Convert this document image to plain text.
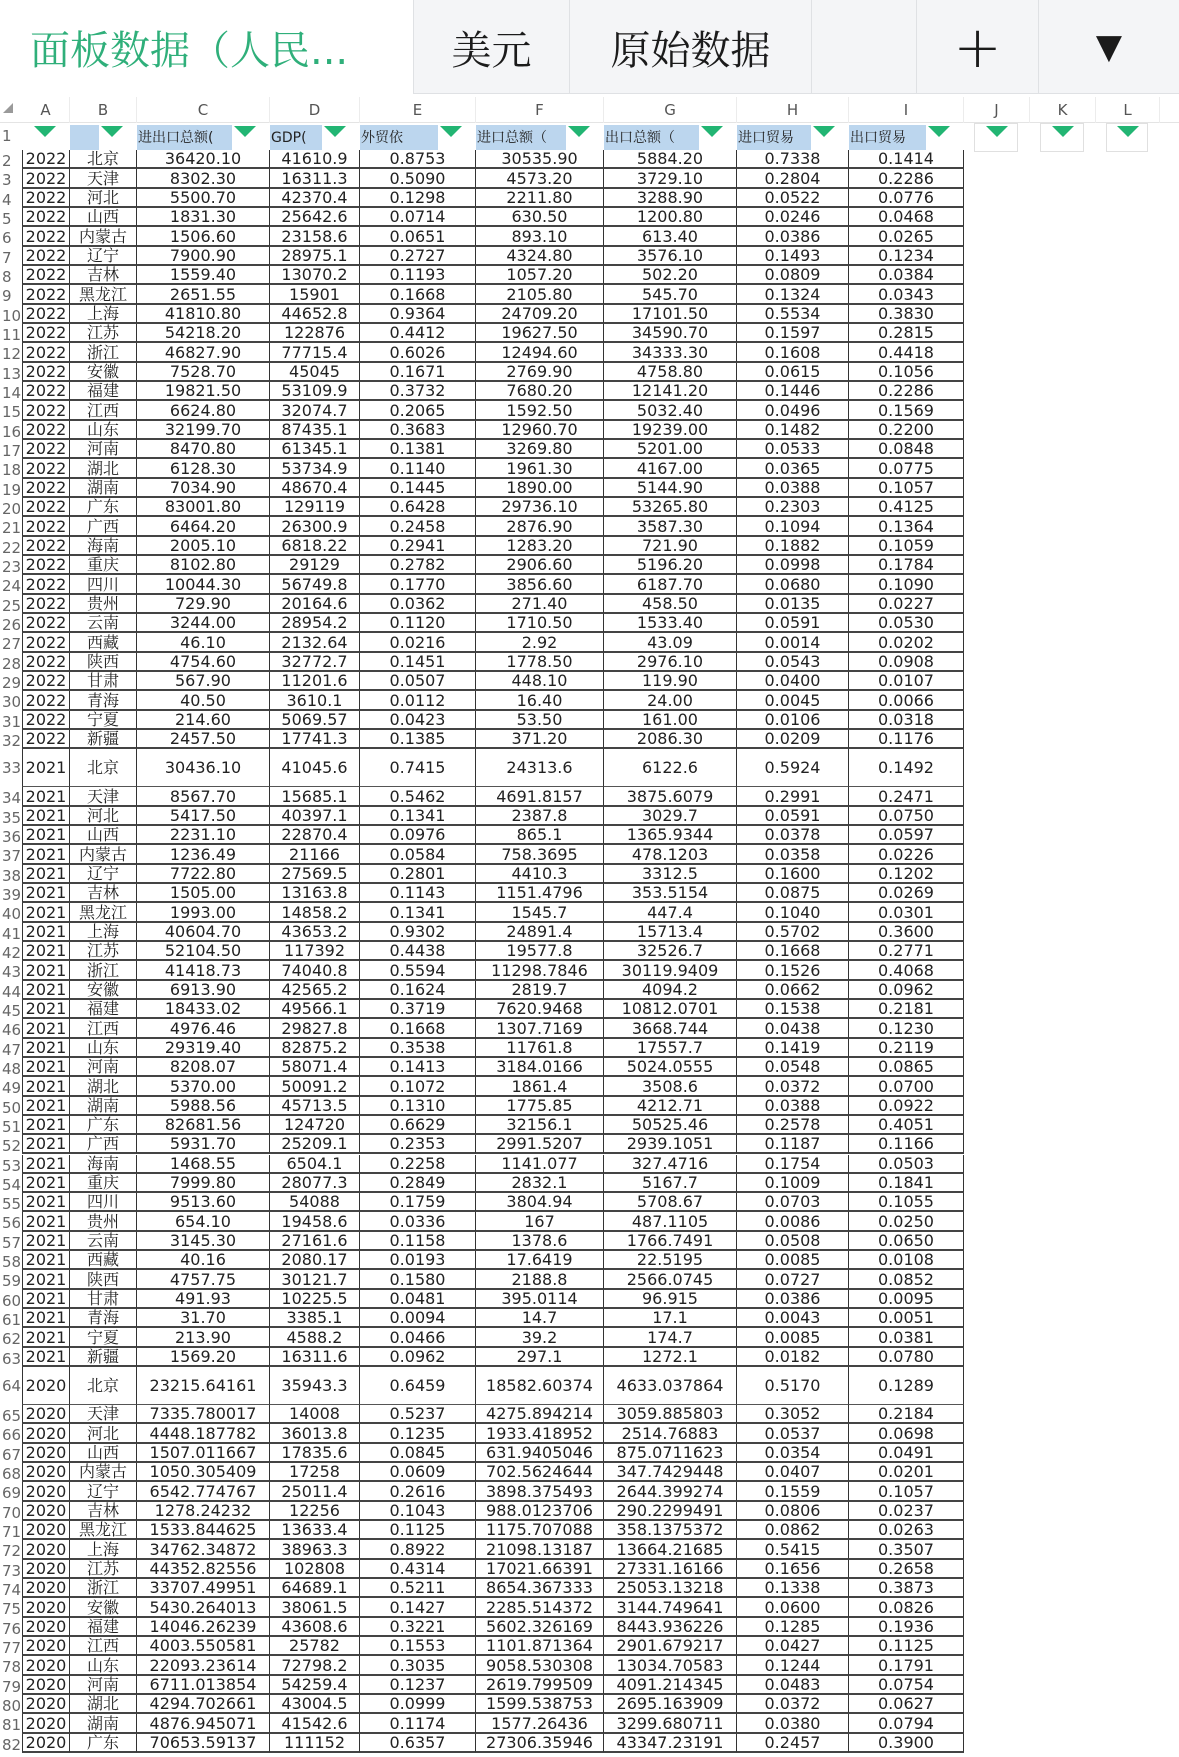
面板数据（人民...	美元 原始数据	+	▼
A	B	C	D	E	F	G	H	I	J	K	L
1	进出口总额(	GDP(	外贸依	进口总额（	出口总额（	进口贸易	出口贸易
2 2022	北京	36420.10	41610.9	0.8753	30535.90	5884.20	0.7338	0.1414
3 2022	天津	8302.30	16311.3	0.5090	4573.20	3729.10	0.2804	0.2286
4 2022	河北	5500.70	42370.4	0.1298	2211.80	3288.90	0.0522	0.0776
5 2022	山西	1831.30	25642.6	0.0714	630.50	1200.80	0.0246	0.0468
6 2022 内蒙古	1506.60	23158.6	0.0651	893.10	613.40	0.0386	0.0265
7 2022	辽宁	7900.90	28975.1	0.2727	4324.80	3576.10	0.1493	0.1234
8 2022	吉林	1559.40	13070.2	0.1193	1057.20	502.20	0.0809	0.0384
9 2022 黑龙江	2651.55	15901	0.1668	2105.80	545.70	0.1324	0.0343
10 2022	上海	41810.80	44652.8	0.9364	24709.20	17101.50	0.5534	0.3830
11 2022	江苏	54218.20	122876	0.4412	19627.50	34590.70	0.1597	0.2815
12 2022	浙江	46827.90	77715.4	0.6026	12494.60	34333.30	0.1608	0.4418
13 2022	安徽	7528.70	45045	0.1671	2769.90	4758.80	0.0615	0.1056
14 2022	福建	19821.50	53109.9	0.3732	7680.20	12141.20	0.1446	0.2286
15 2022	江西	6624.80	32074.7	0.2065	1592.50	5032.40	0.0496	0.1569
16 2022	山东	32199.70	87435.1	0.3683	12960.70	19239.00	0.1482	0.2200
17 2022	河南	8470.80	61345.1	0.1381	3269.80	5201.00	0.0533	0.0848
18 2022	湖北	6128.30	53734.9	0.1140	1961.30	4167.00	0.0365	0.0775
19 2022	湖南	7034.90	48670.4	0.1445	1890.00	5144.90	0.0388	0.1057
20 2022	广东	83001.80	129119	0.6428	29736.10	53265.80	0.2303	0.4125
21 2022	广西	6464.20	26300.9	0.2458	2876.90	3587.30	0.1094	0.1364
22 2022	海南	2005.10	6818.22	0.2941	1283.20	721.90	0.1882	0.1059
23 2022	重庆	8102.80	29129	0.2782	2906.60	5196.20	0.0998	0.1784
24 2022	四川	10044.30	56749.8	0.1770	3856.60	6187.70	0.0680	0.1090
25 2022	贵州	729.90	20164.6	0.0362	271.40	458.50	0.0135	0.0227
26 2022	云南	3244.00	28954.2	0.1120	1710.50	1533.40	0.0591	0.0530
27 2022	西藏	46.10	2132.64	0.0216	2.92	43.09	0.0014	0.0202
28 2022	陕西	4754.60	32772.7	0.1451	1778.50	2976.10	0.0543	0.0908
29 2022	甘肃	567.90	11201.6	0.0507	448.10	119.90	0.0400	0.0107
30 2022	青海	40.50	3610.1	0.0112	16.40	24.00	0.0045	0.0066
31 2022	宁夏	214.60	5069.57	0.0423	53.50	161.00	0.0106	0.0318
32 2022	新疆	2457.50	17741.3	0.1385	371.20	2086.30	0.0209	0.1176
33 2021	北京	30436.10	41045.6	0.7415	24313.6	6122.6	0.5924	0.1492
34 2021	天津	8567.70	15685.1	0.5462	4691.8157	3875.6079	0.2991	0.2471
35 2021	河北	5417.50	40397.1	0.1341	2387.8	3029.7	0.0591	0.0750
36 2021	山西	2231.10	22870.4	0.0976	865.1	1365.9344	0.0378	0.0597
37 2021 内蒙古	1236.49	21166	0.0584	758.3695	478.1203	0.0358	0.0226
38 2021	辽宁	7722.80	27569.5	0.2801	4410.3	3312.5	0.1600	0.1202
39 2021	吉林	1505.00	13163.8	0.1143	1151.4796	353.5154	0.0875	0.0269
40 2021 黑龙江	1993.00	14858.2	0.1341	1545.7	447.4	0.1040	0.0301
41 2021	上海	40604.70	43653.2	0.9302	24891.4	15713.4	0.5702	0.3600
42 2021	江苏	52104.50	117392	0.4438	19577.8	32526.7	0.1668	0.2771
43 2021	浙江	41418.73	74040.8	0.5594	11298.7846	30119.9409	0.1526	0.4068
44 2021	安徽	6913.90	42565.2	0.1624	2819.7	4094.2	0.0662	0.0962
45 2021	福建	18433.02	49566.1	0.3719	7620.9468	10812.0701	0.1538	0.2181
46 2021	江西	4976.46	29827.8	0.1668	1307.7169	3668.744	0.0438	0.1230
47 2021	山东	29319.40	82875.2	0.3538	11761.8	17557.7	0.1419	0.2119
48 2021	河南	8208.07	58071.4	0.1413	3184.0166	5024.0555	0.0548	0.0865
49 2021	湖北	5370.00	50091.2	0.1072	1861.4	3508.6	0.0372	0.0700
50 2021	湖南	5988.56	45713.5	0.1310	1775.85	4212.71	0.0388	0.0922
51 2021	广东	82681.56	124720	0.6629	32156.1	50525.46	0.2578	0.4051
52 2021	广西	5931.70	25209.1	0.2353	2991.5207	2939.1051	0.1187	0.1166
53 2021	海南	1468.55	6504.1	0.2258	1141.077	327.4716	0.1754	0.0503
54 2021	重庆	7999.80	28077.3	0.2849	2832.1	5167.7	0.1009	0.1841
55 2021	四川	9513.60	54088	0.1759	3804.94	5708.67	0.0703	0.1055
56 2021	贵州	654.10	19458.6	0.0336	167	487.1105	0.0086	0.0250
57 2021	云南	3145.30	27161.6	0.1158	1378.6	1766.7491	0.0508	0.0650
58 2021	西藏	40.16	2080.17	0.0193	17.6419	22.5195	0.0085	0.0108
59 2021	陕西	4757.75	30121.7	0.1580	2188.8	2566.0745	0.0727	0.0852
60 2021	甘肃	491.93	10225.5	0.0481	395.0114	96.915	0.0386	0.0095
61 2021	青海	31.70	3385.1	0.0094	14.7	17.1	0.0043	0.0051
62 2021	宁夏	213.90	4588.2	0.0466	39.2	174.7	0.0085	0.0381
63 2021	新疆	1569.20	16311.6	0.0962	297.1	1272.1	0.0182	0.0780
64 2020	北京	23215.64161	35943.3	0.6459	18582.60374	4633.037864	0.5170	0.1289
65 2020	天津	7335.780017	14008	0.5237	4275.894214	3059.885803	0.3052	0.2184
66 2020	河北	4448.187782	36013.8	0.1235	1933.418952	2514.76883	0.0537	0.0698
67 2020	山西	1507.011667	17835.6	0.0845	631.9405046	875.0711623	0.0354	0.0491
68 2020 内蒙古	1050.305409	17258	0.0609	702.5624644	347.7429448	0.0407	0.0201
69 2020	辽宁	6542.774767	25011.4	0.2616	3898.375493	2644.399274	0.1559	0.1057
70 2020	吉林	1278.24232	12256	0.1043	988.0123706	290.2299491	0.0806	0.0237
71 2020 黑龙江	1533.844625	13633.4	0.1125	1175.707088	358.1375372	0.0862	0.0263
72 2020	上海	34762.34872	38963.3	0.8922	21098.13187	13664.21685	0.5415	0.3507
73 2020	江苏	44352.82556	102808	0.4314	17021.66391	27331.16166	0.1656	0.2658
74 2020	浙江	33707.49951	64689.1	0.5211	8654.367333	25053.13218	0.1338	0.3873
75 2020	安徽	5430.264013	38061.5	0.1427	2285.514372	3144.749641	0.0600	0.0826
76 2020	福建	14046.26239	43608.6	0.3221	5602.326169	8443.936226	0.1285	0.1936
77 2020	江西	4003.550581	25782	0.1553	1101.871364	2901.679217	0.0427	0.1125
78 2020	山东	22093.23614	72798.2	0.3035	9058.530308	13034.70583	0.1244	0.1791
79 2020	河南	6711.013854	54259.4	0.1237	2619.799509	4091.214345	0.0483	0.0754
80 2020	湖北	4294.702661	43004.5	0.0999	1599.538753	2695.163909	0.0372	0.0627
81 2020	湖南	4876.945071	41542.6	0.1174	1577.26436	3299.680711	0.0380	0.0794
82 2020	广东	70653.59137	111152	0.6357	27306.35946	43347.23191	0.2457	0.3900
